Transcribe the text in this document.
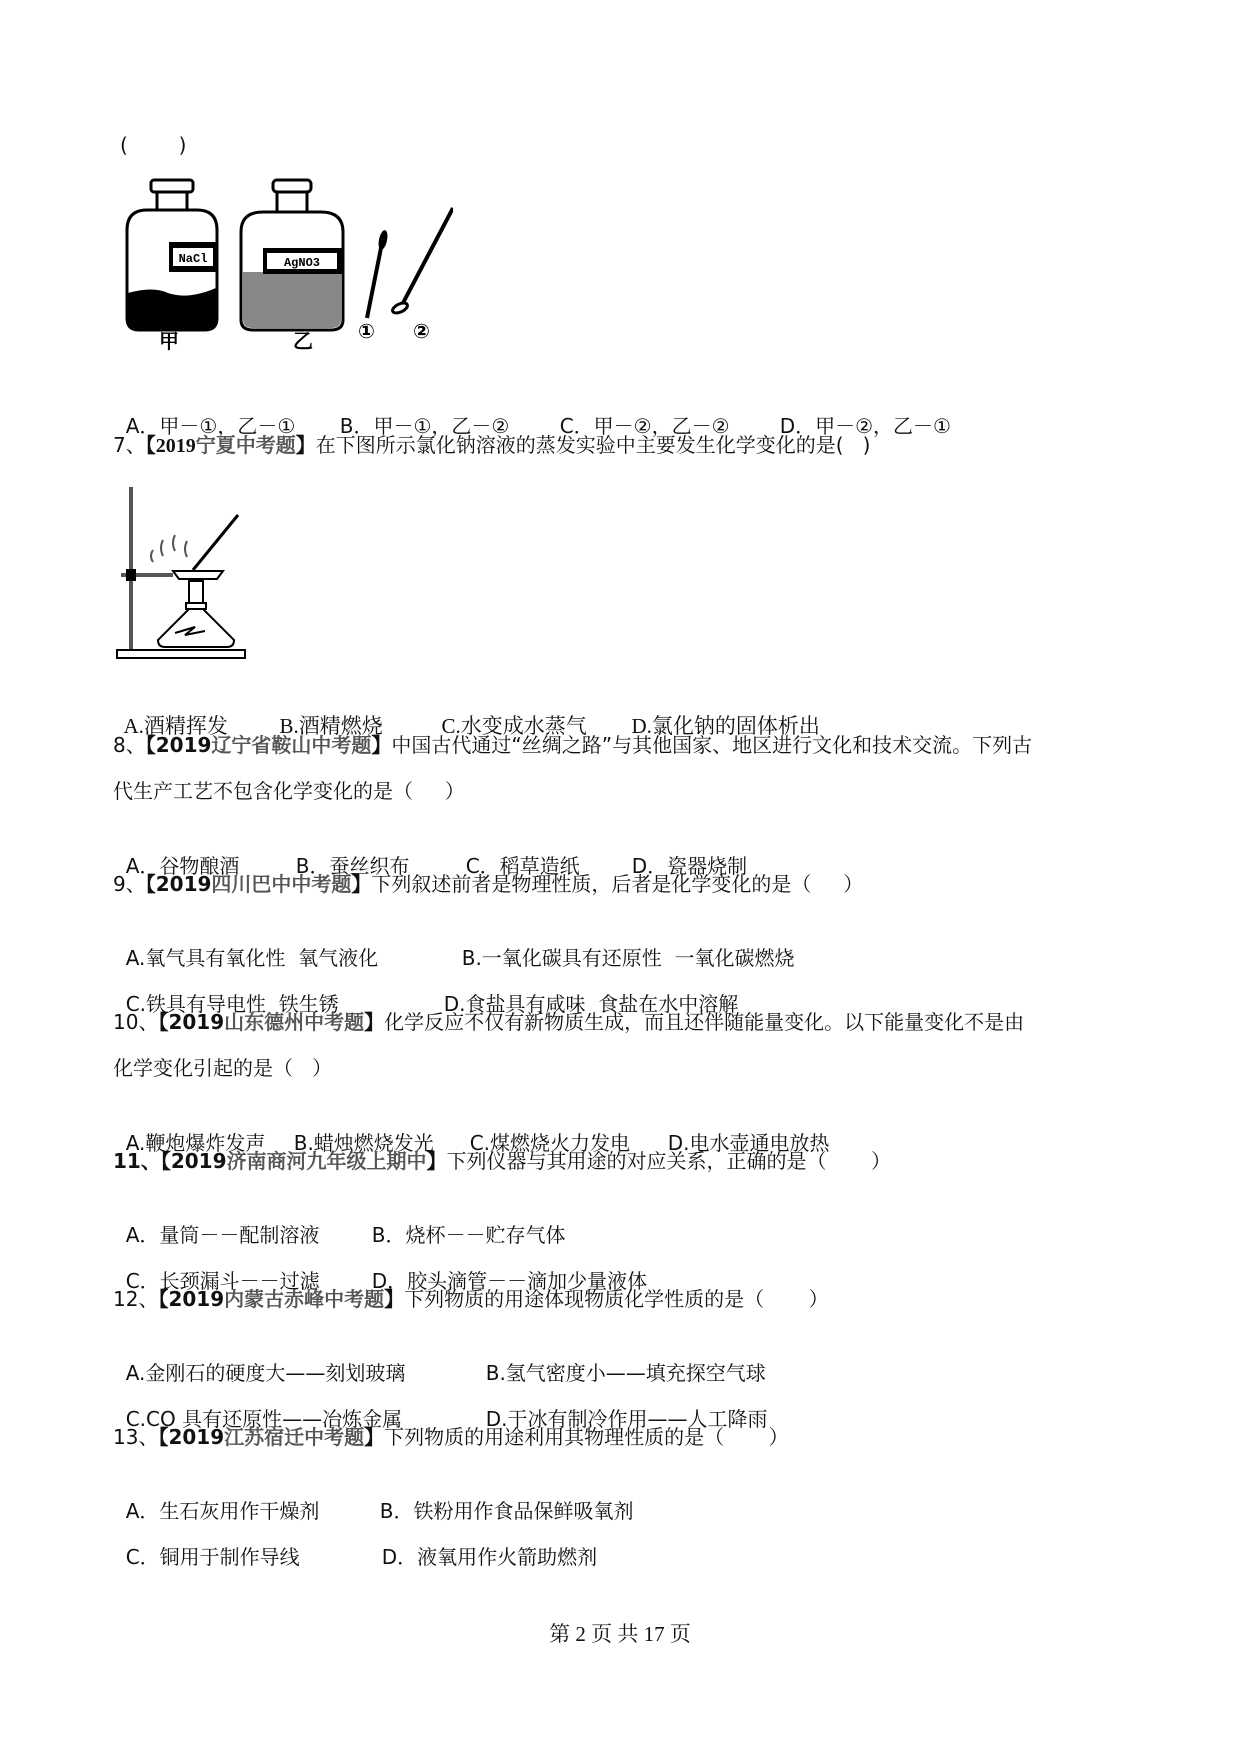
(        )
NaCl
甲
AgNO3
乙 ① ②

A．甲－①，乙－① B．甲－①，乙－②	C．甲－②，乙－②	D．甲－②，乙－①

7、【2019宁夏中考题】在下图所示氯化钠溶液的蒸发实验中主要发生化学变化的是(   )

A.酒精挥发 B.酒精燃烧	C.水变成水蒸气 D.氯化钠的固体析出

8、【2019辽宁省鞍山中考题】中国古代通过“丝绸之路”与其他国家、地区进行文化和技术交流。下列古
代生产工艺不包含化学变化的是（     ）

A．谷物酿酒	B．蚕丝织布	C．稻草造纸	D．瓷器烧制

9、【2019四川巴中中考题】下列叙述前者是物理性质，后者是化学变化的是（     ）

A.氧气具有氧化性  氧气液化	B.一氧化碳具有还原性  一氧化碳燃烧

C.铁具有导电性  铁生锈	D.食盐具有咸味  食盐在水中溶解

10、【2019山东德州中考题】化学反应不仅有新物质生成，而且还伴随能量变化。以下能量变化不是由
化学变化引起的是（   ）

A.鞭炮爆炸发声 B.蜡烛燃烧发光 C.煤燃烧火力发电 D.电水壶通电放热

11、【2019济南商河九年级上期中】下列仪器与其用途的对应关系，正确的是（       ）

A．量筒－－配制溶液	B．烧杯－－贮存气体

C．长颈漏斗－－过滤	D．胶头滴管－－滴加少量液体

12、【2019内蒙古赤峰中考题】下列物质的用途体现物质化学性质的是（       ）

A.金刚石的硬度大——刻划玻璃	B.氢气密度小——填充探空气球

C.CO 具有还原性——冶炼金属	D.干冰有制冷作用——人工降雨

13、【2019江苏宿迁中考题】下列物质的用途利用其物理性质的是（       ）

A．生石灰用作干燥剂	B．铁粉用作食品保鲜吸氧剂

C．铜用于制作导线	D．液氧用作火箭助燃剂

第 2 页 共 17 页
